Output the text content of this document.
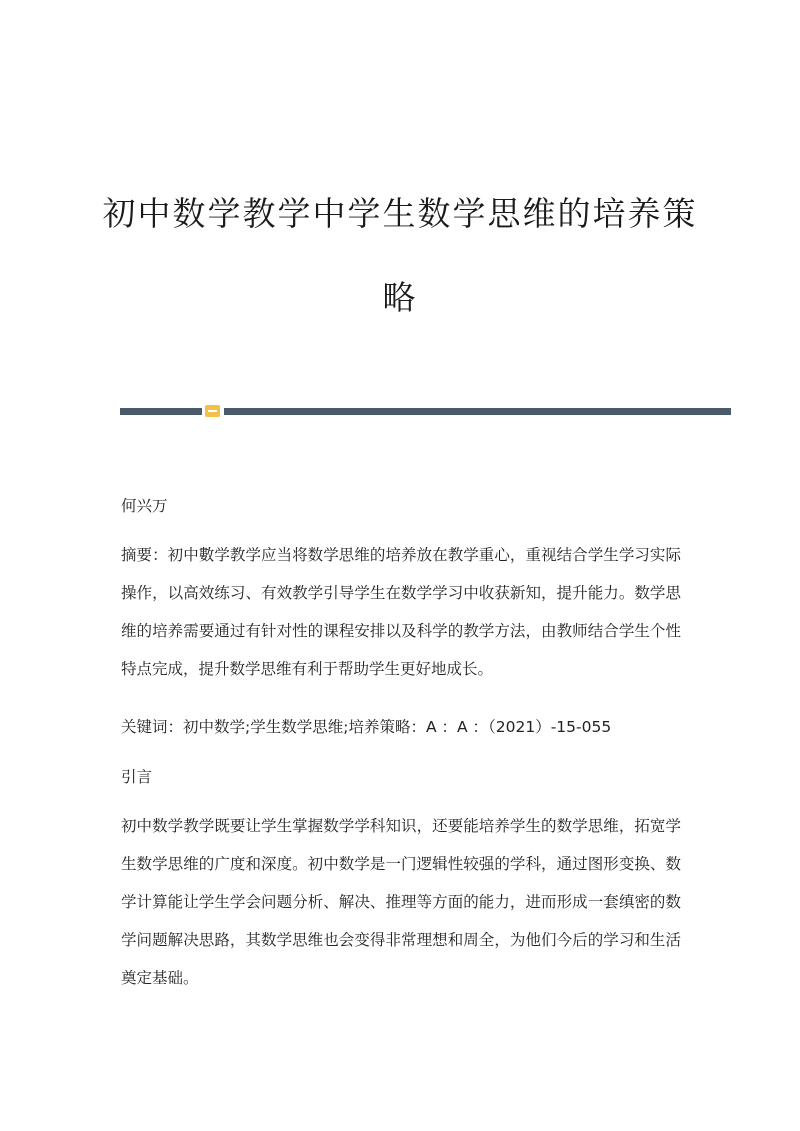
初中数学教学中学生数学思维的培养策
略

何兴万

摘要：初中數学教学应当将数学思维的培养放在教学重心，重视结合学生学习实际操作，以高效练习、有效教学引导学生在数学学习中收获新知，提升能力。数学思维的培养需要通过有针对性的课程安排以及科学的教学方法，由教师结合学生个性特点完成，提升数学思维有利于帮助学生更好地成长。

关键词：初中数学;学生数学思维;培养策略：A ：A ：（2021）-15-055

引言

初中数学教学既要让学生掌握数学学科知识，还要能培养学生的数学思维，拓宽学生数学思维的广度和深度。初中数学是一门逻辑性较强的学科，通过图形变换、数学计算能让学生学会问题分析、解决、推理等方面的能力，进而形成一套缜密的数学问题解决思路，其数学思维也会变得非常理想和周全，为他们今后的学习和生活奠定基础。
